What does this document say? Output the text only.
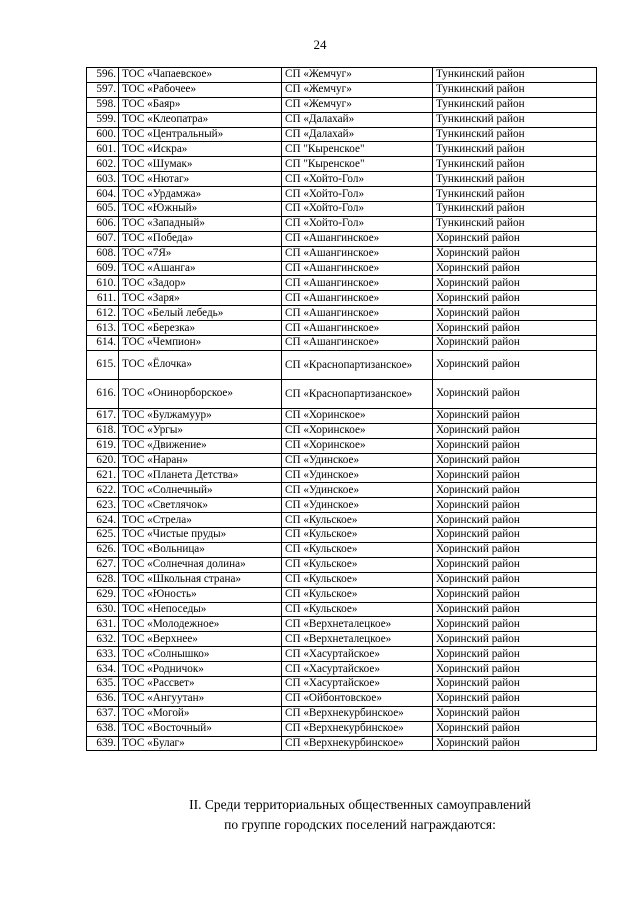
24
596.	ТОС «Чапаевское»	СП «Жемчуг»	Тункинский район
597.	ТОС «Рабочее»	СП «Жемчуг»	Тункинский район
598.	ТОС «Баяр»	СП «Жемчуг»	Тункинский район
599.	ТОС «Клеопатра»	СП «Далахай»	Тункинский район
600.	ТОС «Центральный»	СП «Далахай»	Тункинский район
601.	ТОС «Искра»	СП "Кыренское"	Тункинский район
602.	ТОС «Шумак»	СП "Кыренское"	Тункинский район
603.	ТОС «Нютаг»	СП «Хойто-Гол»	Тункинский район
604.	ТОС «Урдамжа»	СП «Хойто-Гол»	Тункинский район
605.	ТОС «Южный»	СП «Хойто-Гол»	Тункинский район
606.	ТОС «Западный»	СП «Хойто-Гол»	Тункинский район
607.	ТОС «Победа»	СП «Ашангинское»	Хоринский район
608.	ТОС «7Я»	СП «Ашангинское»	Хоринский район
609.	ТОС «Ашанга»	СП «Ашангинское»	Хоринский район
610.	ТОС «Задор»	СП «Ашангинское»	Хоринский район
611.	ТОС «Заря»	СП «Ашангинское»	Хоринский район
612.	ТОС «Белый лебедь»	СП «Ашангинское»	Хоринский район
613.	ТОС «Березка»	СП «Ашангинское»	Хоринский район
614.	ТОС «Чемпион»	СП «Ашангинское»	Хоринский район
615.	ТОС «Ёлочка»	СП «Краснопартизанское»	Хоринский район
616.	ТОС «Онинорборское»	СП «Краснопартизанское»	Хоринский район
617.	ТОС «Булжамуур»	СП «Хоринское»	Хоринский район
618.	ТОС «Ургы»	СП «Хоринское»	Хоринский район
619.	ТОС «Движение»	СП «Хоринское»	Хоринский район
620.	ТОС «Наран»	СП «Удинское»	Хоринский район
621.	ТОС «Планета Детства»	СП «Удинское»	Хоринский район
622.	ТОС «Солнечный»	СП «Удинское»	Хоринский район
623.	ТОС «Светлячок»	СП «Удинское»	Хоринский район
624.	ТОС «Стрела»	СП «Кульское»	Хоринский район
625.	ТОС «Чистые пруды»	СП «Кульское»	Хоринский район
626.	ТОС «Вольница»	СП «Кульское»	Хоринский район
627.	ТОС «Солнечная долина»	СП «Кульское»	Хоринский район
628.	ТОС «Школьная страна»	СП «Кульское»	Хоринский район
629.	ТОС «Юность»	СП «Кульское»	Хоринский район
630.	ТОС «Непоседы»	СП «Кульское»	Хоринский район
631.	ТОС «Молодежное»	СП «Верхнеталецкое»	Хоринский район
632.	ТОС «Верхнее»	СП «Верхнеталецкое»	Хоринский район
633.	ТОС «Солнышко»	СП «Хасуртайское»	Хоринский район
634.	ТОС «Родничок»	СП «Хасуртайское»	Хоринский район
635.	ТОС «Рассвет»	СП «Хасуртайское»	Хоринский район
636.	ТОС «Ангуутан»	СП «Ойбонтовское»	Хоринский район
637.	ТОС «Могой»	СП «Верхнекурбинское»	Хоринский район
638.	ТОС «Восточный»	СП «Верхнекурбинское»	Хоринский район
639.	ТОС «Булаг»	СП «Верхнекурбинское»	Хоринский район
II. Среди территориальных общественных самоуправлений
по группе городских поселений награждаются:
